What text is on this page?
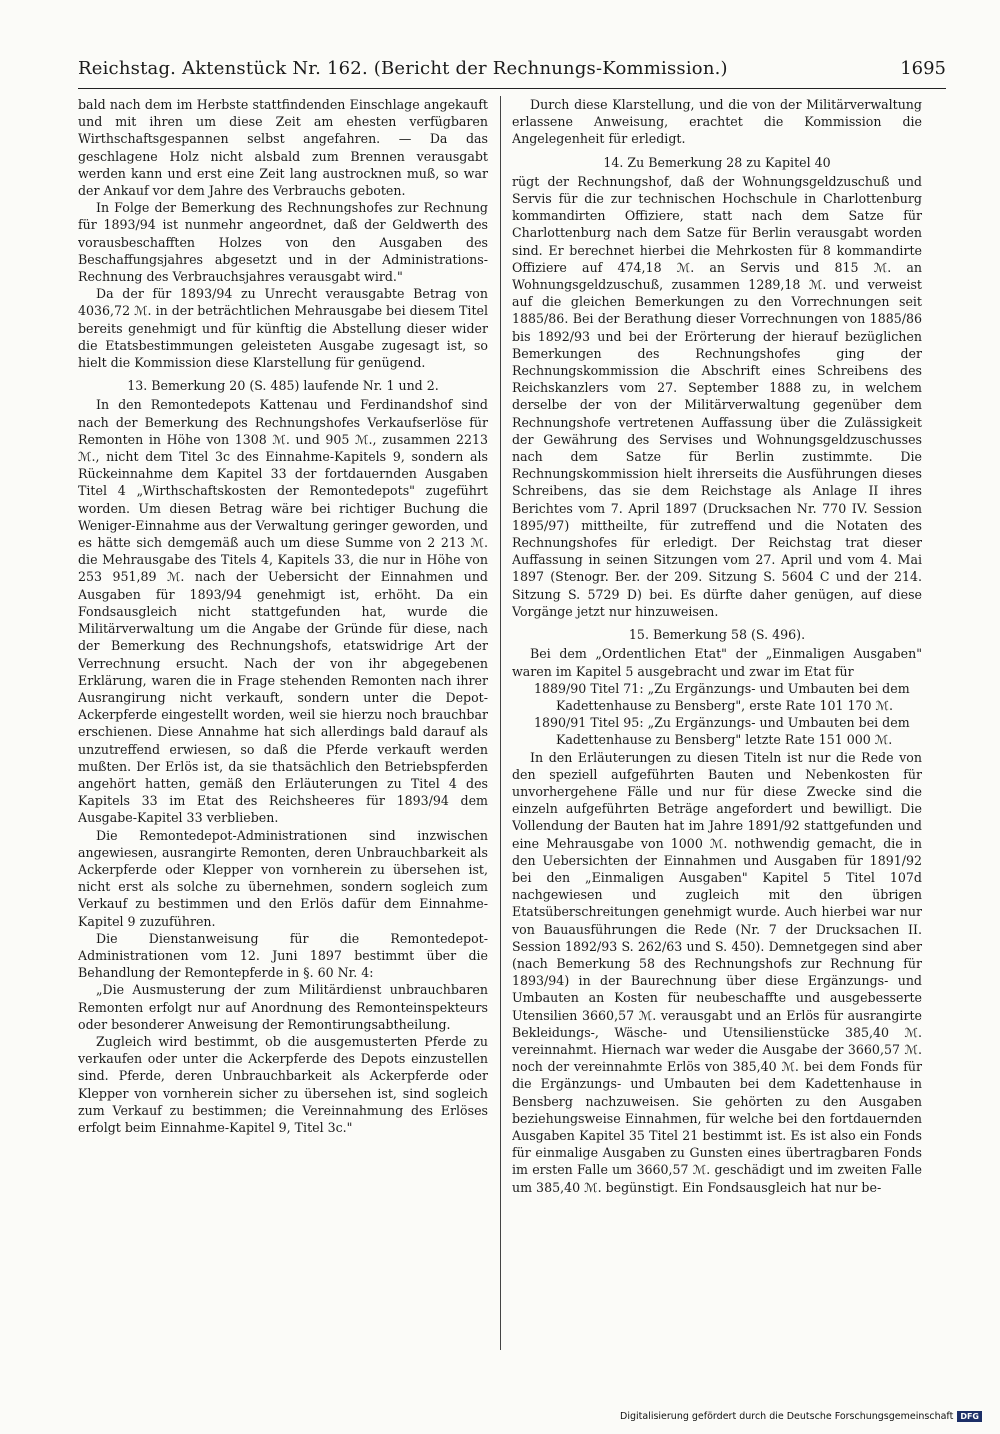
Reichstag. Aktenstück Nr. 162. (Bericht der Rechnungs-Kommission.)	1695

bald nach dem im Herbste stattfindenden Einschlage angekauft und mit ihren um diese Zeit am ehesten verfügbaren Wirthschaftsgespannen selbst angefahren. — Da das geschlagene Holz nicht alsbald zum Brennen verausgabt werden kann und erst eine Zeit lang austrocknen muß, so war der Ankauf vor dem Jahre des Verbrauchs geboten.

In Folge der Bemerkung des Rechnungshofes zur Rechnung für 1893/94 ist nunmehr angeordnet, daß der Geldwerth des vorausbeschafften Holzes von den Ausgaben des Beschaffungsjahres abgesetzt und in der Administrations-Rechnung des Verbrauchsjahres verausgabt wird."

Da der für 1893/94 zu Unrecht verausgabte Betrag von 4036,72 ℳ. in der beträchtlichen Mehrausgabe bei diesem Titel bereits genehmigt und für künftig die Abstellung dieser wider die Etatsbestimmungen geleisteten Ausgabe zugesagt ist, so hielt die Kommission diese Klarstellung für genügend.

13. Bemerkung 20 (S. 485) laufende Nr. 1 und 2.

In den Remontedepots Kattenau und Ferdinandshof sind nach der Bemerkung des Rechnungshofes Verkaufserlöse für Remonten in Höhe von 1308 ℳ. und 905 ℳ., zusammen 2213 ℳ., nicht dem Titel 3c des Einnahme-Kapitels 9, sondern als Rückeinnahme dem Kapitel 33 der fortdauernden Ausgaben Titel 4 „Wirthschaftskosten der Remontedepots" zugeführt worden. Um diesen Betrag wäre bei richtiger Buchung die Weniger-Einnahme aus der Verwaltung geringer geworden, und es hätte sich demgemäß auch um diese Summe von 2 213 ℳ. die Mehrausgabe des Titels 4, Kapitels 33, die nur in Höhe von 253 951,89 ℳ. nach der Uebersicht der Einnahmen und Ausgaben für 1893/94 genehmigt ist, erhöht. Da ein Fondsausgleich nicht stattgefunden hat, wurde die Militärverwaltung um die Angabe der Gründe für diese, nach der Bemerkung des Rechnungshofs, etatswidrige Art der Verrechnung ersucht. Nach der von ihr abgegebenen Erklärung, waren die in Frage stehenden Remonten nach ihrer Ausrangirung nicht verkauft, sondern unter die Depot-Ackerpferde eingestellt worden, weil sie hierzu noch brauchbar erschienen. Diese Annahme hat sich allerdings bald darauf als unzutreffend erwiesen, so daß die Pferde verkauft werden mußten. Der Erlös ist, da sie thatsächlich den Betriebspferden angehört hatten, gemäß den Erläuterungen zu Titel 4 des Kapitels 33 im Etat des Reichsheeres für 1893/94 dem Ausgabe-Kapitel 33 verblieben.

Die Remontedepot-Administrationen sind inzwischen angewiesen, ausrangirte Remonten, deren Unbrauchbarkeit als Ackerpferde oder Klepper von vornherein zu übersehen ist, nicht erst als solche zu übernehmen, sondern sogleich zum Verkauf zu bestimmen und den Erlös dafür dem Einnahme-Kapitel 9 zuzuführen.

Die Dienstanweisung für die Remontedepot-Administrationen vom 12. Juni 1897 bestimmt über die Behandlung der Remontepferde in §. 60 Nr. 4:

„Die Ausmusterung der zum Militärdienst unbrauchbaren Remonten erfolgt nur auf Anordnung des Remonteinspekteurs oder besonderer Anweisung der Remontirungsabtheilung.

Zugleich wird bestimmt, ob die ausgemusterten Pferde zu verkaufen oder unter die Ackerpferde des Depots einzustellen sind. Pferde, deren Unbrauchbarkeit als Ackerpferde oder Klepper von vornherein sicher zu übersehen ist, sind sogleich zum Verkauf zu bestimmen; die Vereinnahmung des Erlöses erfolgt beim Einnahme-Kapitel 9, Titel 3c."

Durch diese Klarstellung, und die von der Militärverwaltung erlassene Anweisung, erachtet die Kommission die Angelegenheit für erledigt.

14. Zu Bemerkung 28 zu Kapitel 40

rügt der Rechnungshof, daß der Wohnungsgeldzuschuß und Servis für die zur technischen Hochschule in Charlottenburg kommandirten Offiziere, statt nach dem Satze für Charlottenburg nach dem Satze für Berlin verausgabt worden sind. Er berechnet hierbei die Mehrkosten für 8 kommandirte Offiziere auf 474,18 ℳ. an Servis und 815 ℳ. an Wohnungsgeldzuschuß, zusammen 1289,18 ℳ. und verweist auf die gleichen Bemerkungen zu den Vorrechnungen seit 1885/86. Bei der Berathung dieser Vorrechnungen von 1885/86 bis 1892/93 und bei der Erörterung der hierauf bezüglichen Bemerkungen des Rechnungshofes ging der Rechnungskommission die Abschrift eines Schreibens des Reichskanzlers vom 27. September 1888 zu, in welchem derselbe der von der Militärverwaltung gegenüber dem Rechnungshofe vertretenen Auffassung über die Zulässigkeit der Gewährung des Servises und Wohnungsgeldzuschusses nach dem Satze für Berlin zustimmte. Die Rechnungskommission hielt ihrerseits die Ausführungen dieses Schreibens, das sie dem Reichstage als Anlage II ihres Berichtes vom 7. April 1897 (Drucksachen Nr. 770 IV. Session 1895/97) mittheilte, für zutreffend und die Notaten des Rechnungshofes für erledigt. Der Reichstag trat dieser Auffassung in seinen Sitzungen vom 27. April und vom 4. Mai 1897 (Stenogr. Ber. der 209. Sitzung S. 5604 C und der 214. Sitzung S. 5729 D) bei. Es dürfte daher genügen, auf diese Vorgänge jetzt nur hinzuweisen.

15. Bemerkung 58 (S. 496).

Bei dem „Ordentlichen Etat" der „Einmaligen Ausgaben" waren im Kapitel 5 ausgebracht und zwar im Etat für

1889/90 Titel 71: „Zu Ergänzungs- und Umbauten bei dem Kadettenhause zu Bensberg", erste Rate 101 170 ℳ.

1890/91 Titel 95: „Zu Ergänzungs- und Umbauten bei dem Kadettenhause zu Bensberg" letzte Rate 151 000 ℳ.

In den Erläuterungen zu diesen Titeln ist nur die Rede von den speziell aufgeführten Bauten und Nebenkosten für unvorhergehene Fälle und nur für diese Zwecke sind die einzeln aufgeführten Beträge angefordert und bewilligt. Die Vollendung der Bauten hat im Jahre 1891/92 stattgefunden und eine Mehrausgabe von 1000 ℳ. nothwendig gemacht, die in den Uebersichten der Einnahmen und Ausgaben für 1891/92 bei den „Einmaligen Ausgaben" Kapitel 5 Titel 107d nachgewiesen und zugleich mit den übrigen Etatsüberschreitungen genehmigt wurde. Auch hierbei war nur von Bauausführungen die Rede (Nr. 7 der Drucksachen II. Session 1892/93 S. 262/63 und S. 450). Demnetgegen sind aber (nach Bemerkung 58 des Rechnungshofs zur Rechnung für 1893/94) in der Baurechnung über diese Ergänzungs- und Umbauten an Kosten für neubeschaffte und ausgebesserte Utensilien 3660,57 ℳ. verausgabt und an Erlös für ausrangirte Bekleidungs-, Wäsche- und Utensilienstücke 385,40 ℳ. vereinnahmt. Hiernach war weder die Ausgabe der 3660,57 ℳ. noch der vereinnahmte Erlös von 385,40 ℳ. bei dem Fonds für die Ergänzungs- und Umbauten bei dem Kadettenhause in Bensberg nachzuweisen. Sie gehörten zu den Ausgaben beziehungsweise Einnahmen, für welche bei den fortdauernden Ausgaben Kapitel 35 Titel 21 bestimmt ist. Es ist also ein Fonds für einmalige Ausgaben zu Gunsten eines übertragbaren Fonds im ersten Falle um 3660,57 ℳ. geschädigt und im zweiten Falle um 385,40 ℳ. begünstigt. Ein Fondsausgleich hat nur be-

Digitalisierung gefördert durch die Deutsche Forschungsgemeinschaft DFG
